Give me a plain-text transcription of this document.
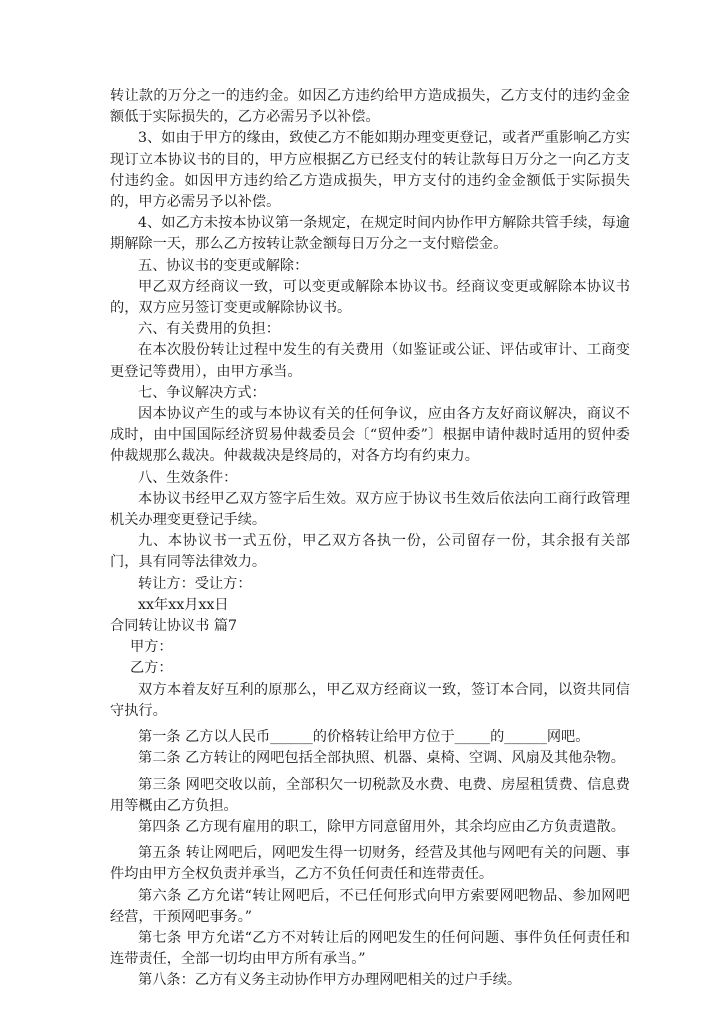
转让款的万分之一的违约金。如因乙方违约给甲方造成损失，乙方支付的违约金金额低于实际损失的，乙方必需另予以补偿。

3、如由于甲方的缘由，致使乙方不能如期办理变更登记，或者严重影响乙方实现订立本协议书的目的，甲方应根据乙方已经支付的转让款每日万分之一向乙方支付违约金。如因甲方违约给乙方造成损失，甲方支付的违约金金额低于实际损失的，甲方必需另予以补偿。

4、如乙方未按本协议第一条规定，在规定时间内协作甲方解除共管手续，每逾期解除一天，那么乙方按转让款金额每日万分之一支付赔偿金。

五、协议书的变更或解除：

甲乙双方经商议一致，可以变更或解除本协议书。经商议变更或解除本协议书的，双方应另签订变更或解除协议书。

六、有关费用的负担：

在本次股份转让过程中发生的有关费用（如鉴证或公证、评估或审计、工商变更登记等费用），由甲方承当。

七、争议解决方式：

因本协议产生的或与本协议有关的任何争议，应由各方友好商议解决，商议不成时，由中国国际经济贸易仲裁委员会〔“贸仲委”〕根据申请仲裁时适用的贸仲委仲裁规那么裁决。仲裁裁决是终局的，对各方均有约束力。

八、生效条件：

本协议书经甲乙双方签字后生效。双方应于协议书生效后依法向工商行政管理机关办理变更登记手续。

九、本协议书一式五份，甲乙双方各执一份，公司留存一份，其余报有关部门，具有同等法律效力。

转让方：受让方：

xx年xx月xx日

合同转让协议书 篇7

甲方：

乙方：

双方本着友好互利的原那么，甲乙双方经商议一致，签订本合同，以资共同信守执行。

第一条 乙方以人民币______的价格转让给甲方位于_____的______网吧。

第二条 乙方转让的网吧包括全部执照、机器、桌椅、空调、风扇及其他杂物。

第三条 网吧交收以前，全部积欠一切税款及水费、电费、房屋租赁费、信息费用等概由乙方负担。

第四条 乙方现有雇用的职工，除甲方同意留用外，其余均应由乙方负责遣散。

第五条 转让网吧后，网吧发生得一切财务，经营及其他与网吧有关的问题、事件均由甲方全权负责并承当，乙方不负任何责任和连带责任。

第六条 乙方允诺“转让网吧后，不已任何形式向甲方索要网吧物品、参加网吧经营，干预网吧事务。”

第七条 甲方允诺“乙方不对转让后的网吧发生的任何问题、事件负任何责任和连带责任，全部一切均由甲方所有承当。”

第八条：乙方有义务主动协作甲方办理网吧相关的过户手续。
